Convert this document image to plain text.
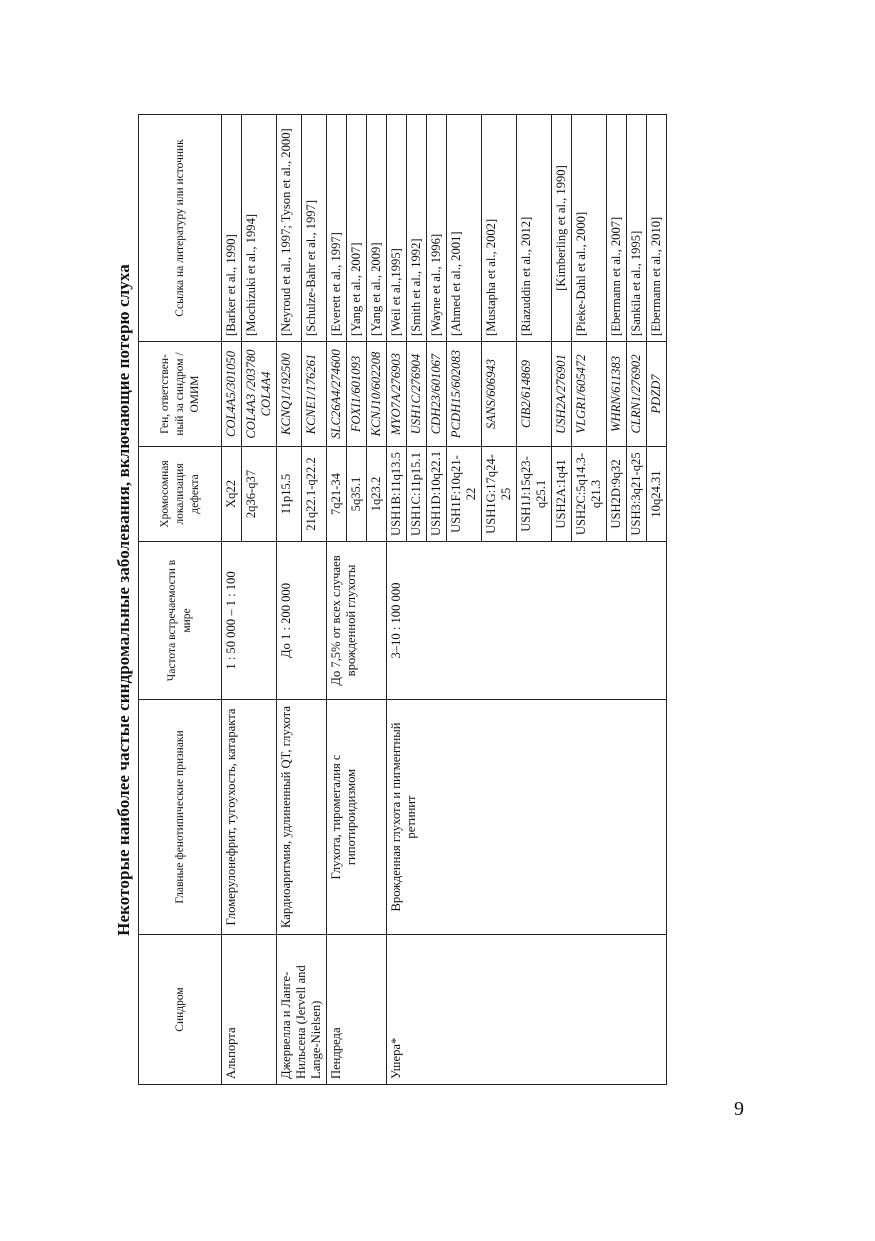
Некоторые наиболее частые синдромальные заболевания, включающие потерю слуха
Синдром	Главные фенотипические признаки	Частота встречаемости в мире	Хромосомная локализация дефекта	Ген, ответствен-ный за синдром / ОМИМ	Ссылка на литературу или источник
Альпорта	Гломерулонефрит, тугоухость, катаракта	1 : 50 000 – 1 : 100	Xq22	COL4A5/301050	[Barker et al., 1990]
			2q36-q37	COL4A3 /203780 COL4A4	[Mochizuki et al., 1994]
Джервелла и Ланге-Нильсена (Jervell and Lange-Nielsen)	Кардиоаритмия, удлиненный QT, глухота	До 1 : 200 000	11p15.5	KCNQ1/192500	[Neyroud et al., 1997; Tyson et al., 2000]
			21q22.1-q22.2	KCNE1/176261	[Schulze-Bahr et al., 1997]
Пендреда	Глухота, тиромегалия с гипотироидизмом	До 7,5% от всех случаев врожденной глухоты	7q21-34	SLC26A4/274600	[Everett et al., 1997]
			5q35.1	FOXI1/601093	[Yang et al., 2007]
			1q23.2	KCNJ10/602208	[Yang et al., 2009]
Ушера*	Врожденная глухота и пигментный ретинит	3–10 : 100 000	USH1B:11q13.5	MYO7A/276903	[Weil et al.,1995]
			USH1C:11p15.1	USH1C/276904	[Smith et al., 1992]
			USH1D:10q22.1	CDH23/601067	[Wayne et al., 1996]
			USH1F:10q21-22	PCDH15/602083	[Ahmed et al., 2001]
			USH1G:17q24-25	SANS/606943	[Mustapha et al., 2002]
			USH1J:15q23-q25.1	CIB2/614869	[Riazuddin et al., 2012]
			USH2A:1q41	USH2A/276901	[Kimberling et al., 1990]
			USH2C:5q14.3-q21.3	VLGR1/605472	[Pieke-Dahl et al., 2000]
			USH2D:9q32	WHRN/611383	[Ebermann et al., 2007]
			USH3:3q21-q25	CLRN1/276902	[Sankila et al., 1995]
			10q24.31	PDZD7	[Ebermann et al., 2010]
9
